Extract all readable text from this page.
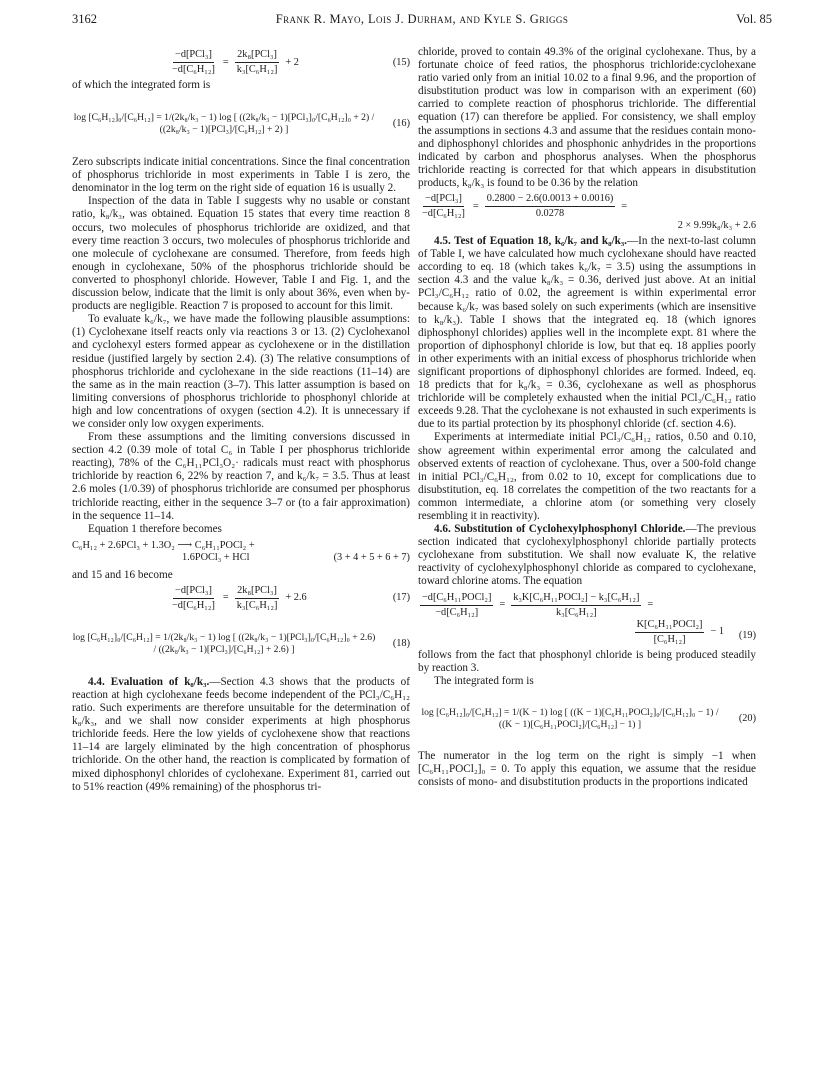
3162	Frank R. Mayo, Lois J. Durham, and Kyle S. Griggs	Vol. 85
$\frac{\text{−d[PCl₃]}}{\text{−d[C₆H₁₂]}} = \frac{\text{2k₈[PCl₃]}}{\text{k₃[C₆H₁₂]}} + 2$	(15)

of which the integrated form is

log [C₆H₁₂]₀/[C₆H₁₂] = 1/(2k₈/k₃ − 1) log [ ((2k₈/k₃ − 1)[PCl₃]₀/[C₆H₁₂]₀ + 2) / ((2k₈/k₃ − 1)[PCl₃]/[C₆H₁₂] + 2) ]
(16)

Zero subscripts indicate initial concentrations. Since the final concentration of phosphorus trichloride in most experiments in Table I is zero, the denominator in the log term on the right side of equation 16 is usually 2.

Inspection of the data in Table I suggests why no usable or constant ratio, k₈/k₃, was obtained. Equation 15 states that every time reaction 8 occurs, two molecules of phosphorus trichloride are oxidized, and that every time reaction 3 occurs, two molecules of phosphorus trichloride and one molecule of cyclohexane are consumed. Therefore, from feeds high enough in cyclohexane, 50% of the phosphorus trichloride should be converted to phosphonyl chloride. However, Table I and Fig. 1, and the discussion below, indicate that the limit is only about 36%, even when by-products are negligible. Reaction 7 is proposed to account for this limit.

To evaluate k₆/k₇, we have made the following plausible assumptions: (1) Cyclohexane itself reacts only via reactions 3 or 13. (2) Cyclohexanol and cyclohexyl esters formed appear as cyclohexene or in the distillation residue (justified largely by section 2.4). (3) The relative consumptions of phosphorus trichloride and cyclohexane in the side reactions (11–14) are the same as in the main reaction (3–7). This latter assumption is based on limiting conversions of phosphorus trichloride to phosphonyl chloride at high and low concentrations of oxygen (section 4.2). It is unnecessary if we consider only low oxygen experiments.

From these assumptions and the limiting conversions discussed in section 4.2 (0.39 mole of total C₆ in Table I per phosphorus trichloride reacting), 78% of the C₆H₁₁PCl₃O₂· radicals must react with phosphorus trichloride by reaction 6, 22% by reaction 7, and k₆/k₇ = 3.5. Thus at least 2.6 moles (1/0.39) of phosphorus trichloride are consumed per phosphorus trichloride reacting, either in the sequence 3–7 or (to a fair approximation) in the sequence 11–14.

Equation 1 therefore becomes

C₆H₁₂ + 2.6PCl₃ + 1.3O₂ ⟶ C₆H₁₁POCl₂ +
1.6POCl₃ + HCl	(3 + 4 + 5 + 6 + 7)

and 15 and 16 become

$\frac{\text{−d[PCl₃]}}{\text{−d[C₆H₁₂]}} = \frac{\text{2k₈[PCl₃]}}{\text{k₃[C₆H₁₂]}} + 2.6$	(17)
log [C₆H₁₂]₀/[C₆H₁₂] = 1/(2k₈/k₃ − 1) log [ ((2k₈/k₃ − 1)[PCl₃]₀/[C₆H₁₂]₀ + 2.6) / ((2k₈/k₃ − 1)[PCl₃]/[C₆H₁₂] + 2.6) ]
(18)

4.4. Evaluation of k₈/k₃.—Section 4.3 shows that the products of reaction at high cyclohexane feeds become independent of the PCl₃/C₆H₁₂ ratio. Such experiments are therefore unsuitable for the determination of k₈/k₃, and we shall now consider experiments at high phosphorus trichloride feeds. Here the low yields of cyclohexene show that reactions 11–14 are largely eliminated by the high concentration of phosphorus trichloride. On the other hand, the reaction is complicated by formation of mixed diphosphonyl chlorides of cyclohexane. Experiment 81, carried out to 51% reaction (49% remaining) of the phosphorus tri-

chloride, proved to contain 49.3% of the original cyclohexane. Thus, by a fortunate choice of feed ratios, the phosphorus trichloride:cyclohexane ratio varied only from an initial 10.02 to a final 9.96, and the proportion of disubstitution product was low in comparison with an experiment (60) carried to complete reaction of phosphorus trichloride. The differential equation (17) can therefore be applied. For consistency, we shall employ the assumptions in sections 4.3 and assume that the residues contain mono- and diphosphonyl chlorides and phosphonic anhydrides in the proportions indicated by carbon and phosphorus analyses. When the phosphorus trichloride reacting is corrected for that which appears in disubstitution products, k₈/k₃ is found to be 0.36 by the relation

$\frac{\text{−d[PCl₃]}}{\text{−d[C₆H₁₂]}} = \frac{0.2800 - 2.6(0.0013 + 0.0016)}{0.0278}$ =
2 × 9.99k₈/k₃ + 2.6

4.5. Test of Equation 18, k₆/k₇ and k₈/k₃.—In the next-to-last column of Table I, we have calculated how much cyclohexane should have reacted according to eq. 18 (which takes k₆/k₇ = 3.5) using the assumptions in section 4.3 and the value k₈/k₃ = 0.36, derived just above. At an initial PCl₃/C₆H₁₂ ratio of 0.02, the agreement is within experimental error because k₆/k₇ was based solely on such experiments (which are insensitive to k₈/k₃). Table I shows that the integrated eq. 18 (which ignores diphosphonyl chlorides) applies well in the incomplete expt. 81 where the proportion of diphosphonyl chloride is low, but that eq. 18 applies poorly in other experiments with an initial excess of phosphorus trichloride when significant proportions of diphosphonyl chlorides are formed. Indeed, eq. 18 predicts that for k₈/k₃ = 0.36, cyclohexane as well as phosphorus trichloride will be completely exhausted when the initial PCl₃/C₆H₁₂ ratio exceeds 9.28. That the cyclohexane is not exhausted in such experiments is due to its partial protection by its phosphonyl chloride (cf. section 4.6).

Experiments at intermediate initial PCl₃/C₆H₁₂ ratios, 0.50 and 0.10, show agreement within experimental error among the calculated and observed extents of reaction of cyclohexane. Thus, over a 500-fold change in initial PCl₃/C₆H₁₂, from 0.02 to 10, except for complications due to disubstitution, eq. 18 correlates the competition of the two reactants for a common intermediate, a chlorine atom (or something very closely resembling it in reactivity).

4.6. Substitution of Cyclohexylphosphonyl Chloride.—The previous section indicated that cyclohexylphosphonyl chloride partially protects cyclohexane from substitution. We shall now evaluate K, the relative reactivity of cyclohexylphosphonyl chloride as compared to cyclohexane, toward chlorine atoms. The equation

$\frac{\text{−d[C₆H₁₁POCl₂]}}{\text{−d[C₆H₁₂]}} = \frac{\text{k₃K[C₆H₁₁POCl₂] − k₃[C₆H₁₂]}}{\text{k₃[C₆H₁₂]}}$ =
$\frac{\text{K[C₆H₁₁POCl₂]}}{\text{[C₆H₁₂]}} - 1$ (19)

follows from the fact that phosphonyl chloride is being produced steadily by reaction 3.

The integrated form is

log [C₆H₁₂]₀/[C₆H₁₂] = 1/(K − 1) log [ ((K − 1)[C₆H₁₁POCl₂]₀/[C₆H₁₂]₀ − 1) / ((K − 1)[C₆H₁₁POCl₂]/[C₆H₁₂] − 1) ]
(20)

The numerator in the log term on the right is simply −1 when [C₆H₁₁POCl₂]₀ = 0. To apply this equation, we assume that the residue consists of mono- and disubstitution products in the proportions indicated
